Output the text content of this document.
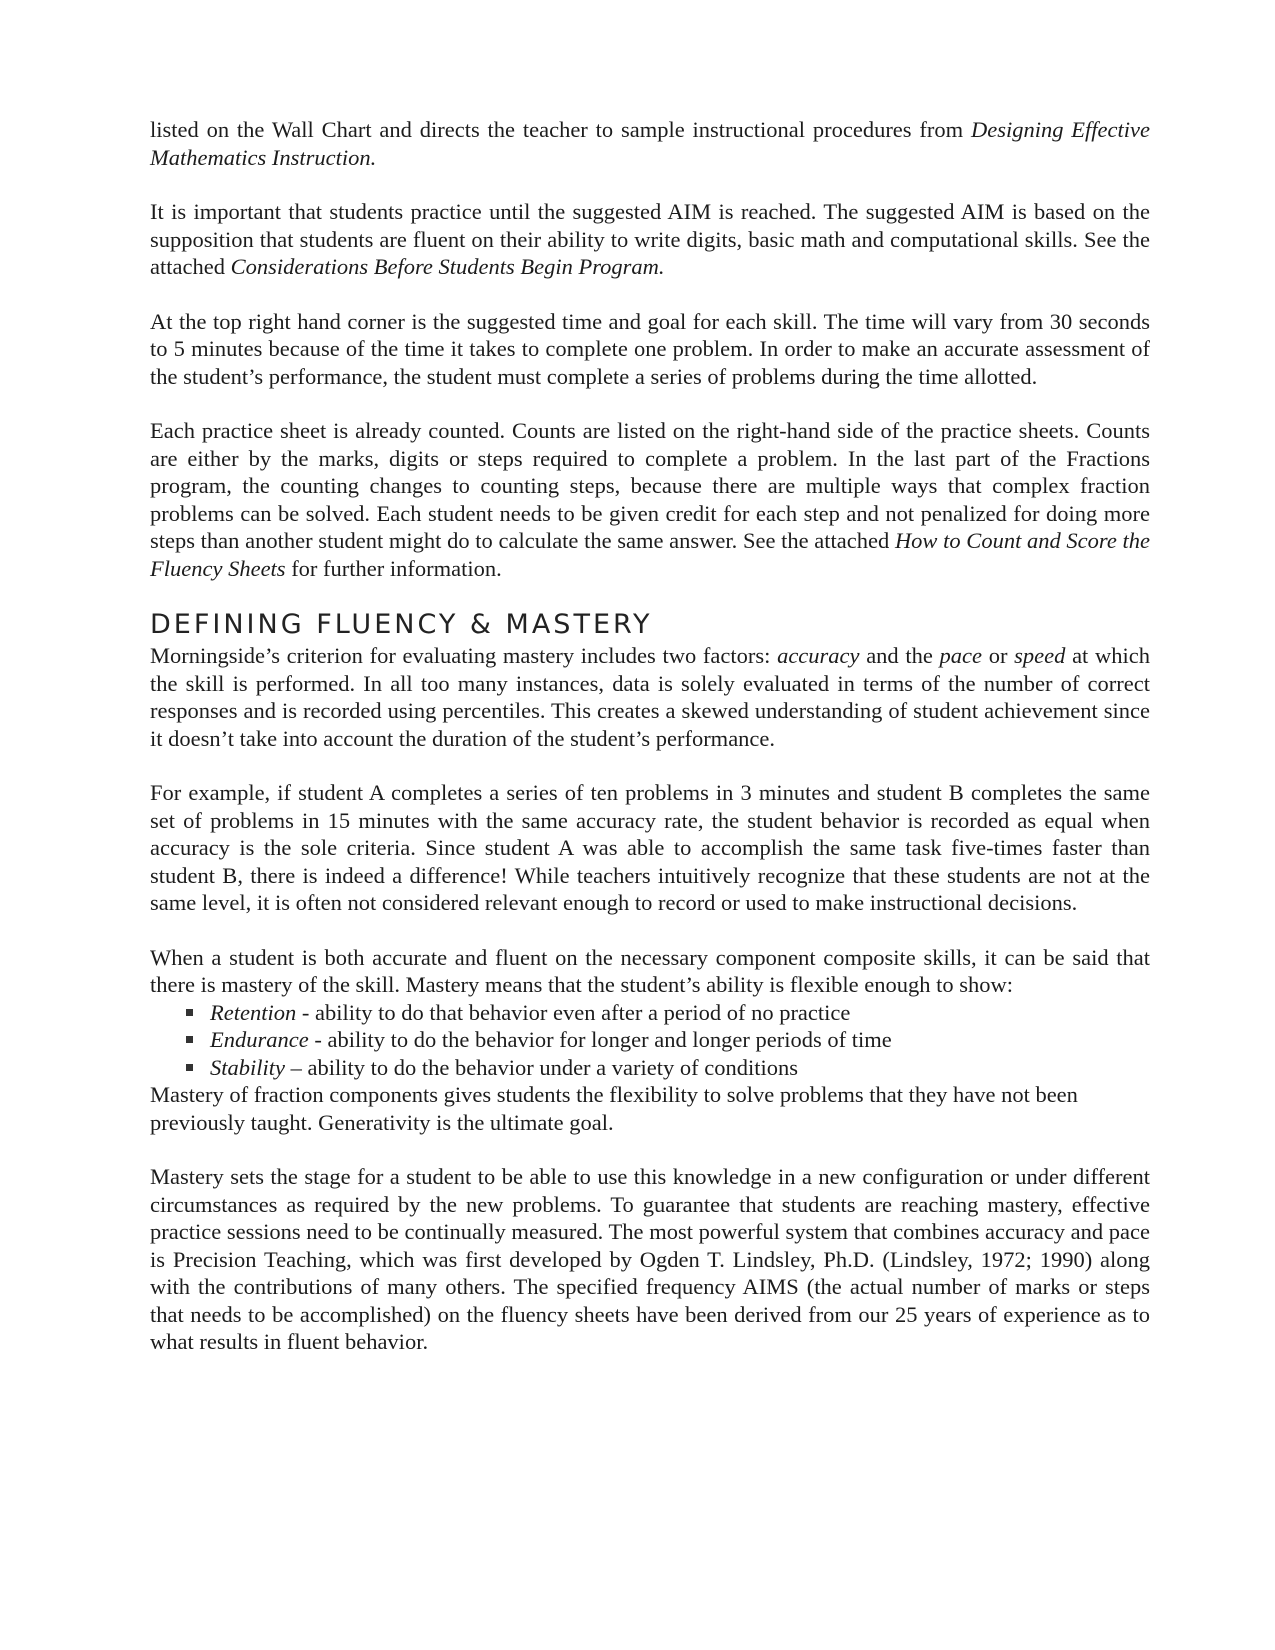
listed on the Wall Chart and directs the teacher to sample instructional procedures from Designing Effective Mathematics Instruction.

It is important that students practice until the suggested AIM is reached. The suggested AIM is based on the supposition that students are fluent on their ability to write digits, basic math and computational skills. See the attached Considerations Before Students Begin Program.

At the top right hand corner is the suggested time and goal for each skill. The time will vary from 30 seconds to 5 minutes because of the time it takes to complete one problem. In order to make an accurate assessment of the student’s performance, the student must complete a series of problems during the time allotted.

Each practice sheet is already counted. Counts are listed on the right-hand side of the practice sheets. Counts are either by the marks, digits or steps required to complete a problem. In the last part of the Fractions program, the counting changes to counting steps, because there are multiple ways that complex fraction problems can be solved. Each student needs to be given credit for each step and not penalized for doing more steps than another student might do to calculate the same answer. See the attached How to Count and Score the Fluency Sheets for further information.

DEFINING FLUENCY & MASTERY

Morningside’s criterion for evaluating mastery includes two factors: accuracy and the pace or speed at which the skill is performed. In all too many instances, data is solely evaluated in terms of the number of correct responses and is recorded using percentiles. This creates a skewed understanding of student achievement since it doesn’t take into account the duration of the student’s performance.

For example, if student A completes a series of ten problems in 3 minutes and student B completes the same set of problems in 15 minutes with the same accuracy rate, the student behavior is recorded as equal when accuracy is the sole criteria. Since student A was able to accomplish the same task five-times faster than student B, there is indeed a difference! While teachers intuitively recognize that these students are not at the same level, it is often not considered relevant enough to record or used to make instructional decisions.

When a student is both accurate and fluent on the necessary component composite skills, it can be said that there is mastery of the skill. Mastery means that the student’s ability is flexible enough to show:

Retention - ability to do that behavior even after a period of no practice
Endurance - ability to do the behavior for longer and longer periods of time
Stability – ability to do the behavior under a variety of conditions

Mastery of fraction components gives students the flexibility to solve problems that they have not been previously taught. Generativity is the ultimate goal.

Mastery sets the stage for a student to be able to use this knowledge in a new configuration or under different circumstances as required by the new problems. To guarantee that students are reaching mastery, effective practice sessions need to be continually measured. The most powerful system that combines accuracy and pace is Precision Teaching, which was first developed by Ogden T. Lindsley, Ph.D. (Lindsley, 1972; 1990) along with the contributions of many others. The specified frequency AIMS (the actual number of marks or steps that needs to be accomplished) on the fluency sheets have been derived from our 25 years of experience as to what results in fluent behavior.
